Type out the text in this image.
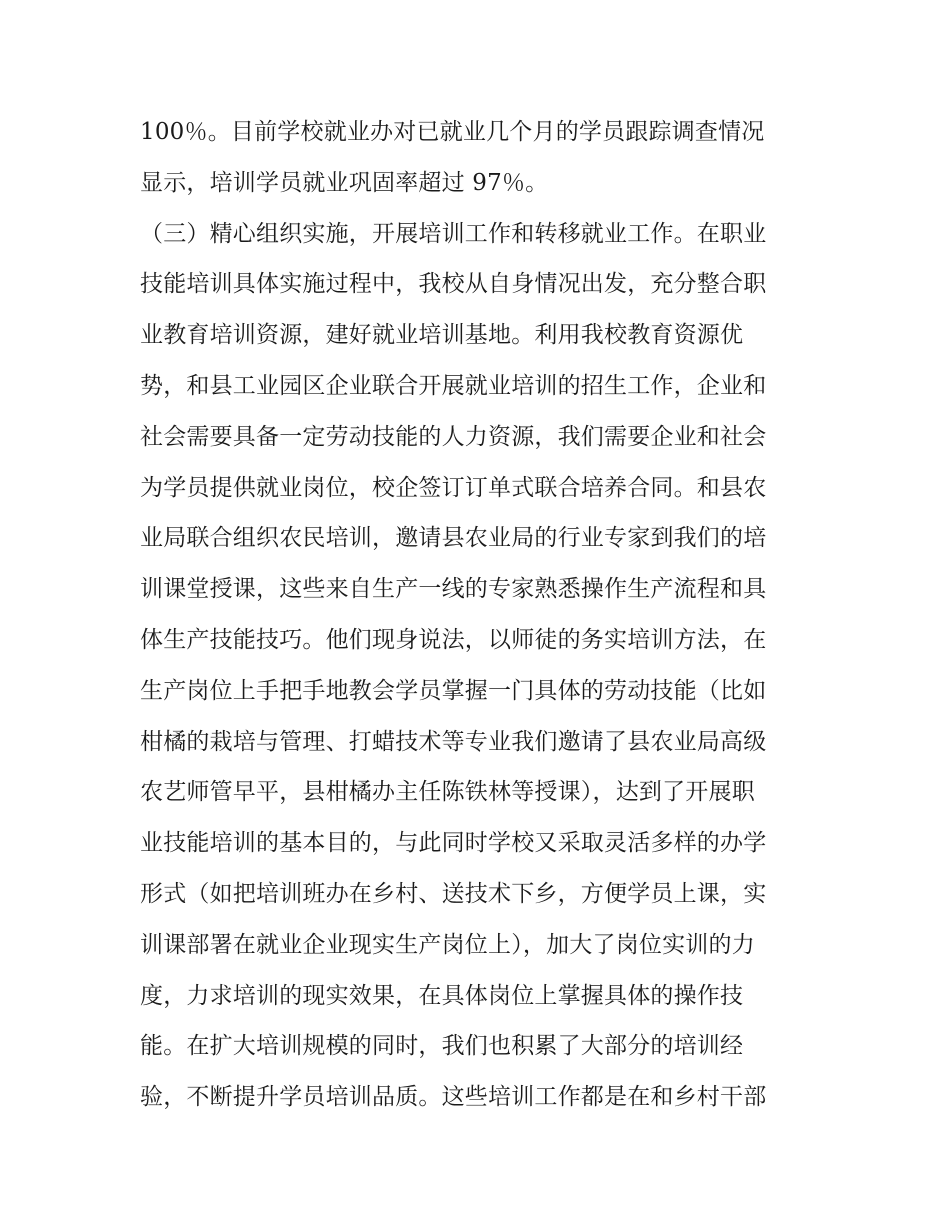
100％。目前学校就业办对已就业几个月的学员跟踪调查情况
显示，培训学员就业巩固率超过 97％。
（三）精心组织实施，开展培训工作和转移就业工作。在职业
技能培训具体实施过程中，我校从自身情况出发，充分整合职
业教育培训资源，建好就业培训基地。利用我校教育资源优
势，和县工业园区企业联合开展就业培训的招生工作，企业和
社会需要具备一定劳动技能的人力资源，我们需要企业和社会
为学员提供就业岗位，校企签订订单式联合培养合同。和县农
业局联合组织农民培训，邀请县农业局的行业专家到我们的培
训课堂授课，这些来自生产一线的专家熟悉操作生产流程和具
体生产技能技巧。他们现身说法，以师徒的务实培训方法，在
生产岗位上手把手地教会学员掌握一门具体的劳动技能（比如
柑橘的栽培与管理、打蜡技术等专业我们邀请了县农业局高级
农艺师管早平，县柑橘办主任陈铁林等授课），达到了开展职
业技能培训的基本目的，与此同时学校又采取灵活多样的办学
形式（如把培训班办在乡村、送技术下乡，方便学员上课，实
训课部署在就业企业现实生产岗位上），加大了岗位实训的力
度，力求培训的现实效果，在具体岗位上掌握具体的操作技
能。在扩大培训规模的同时，我们也积累了大部分的培训经
验，不断提升学员培训品质。这些培训工作都是在和乡村干部
